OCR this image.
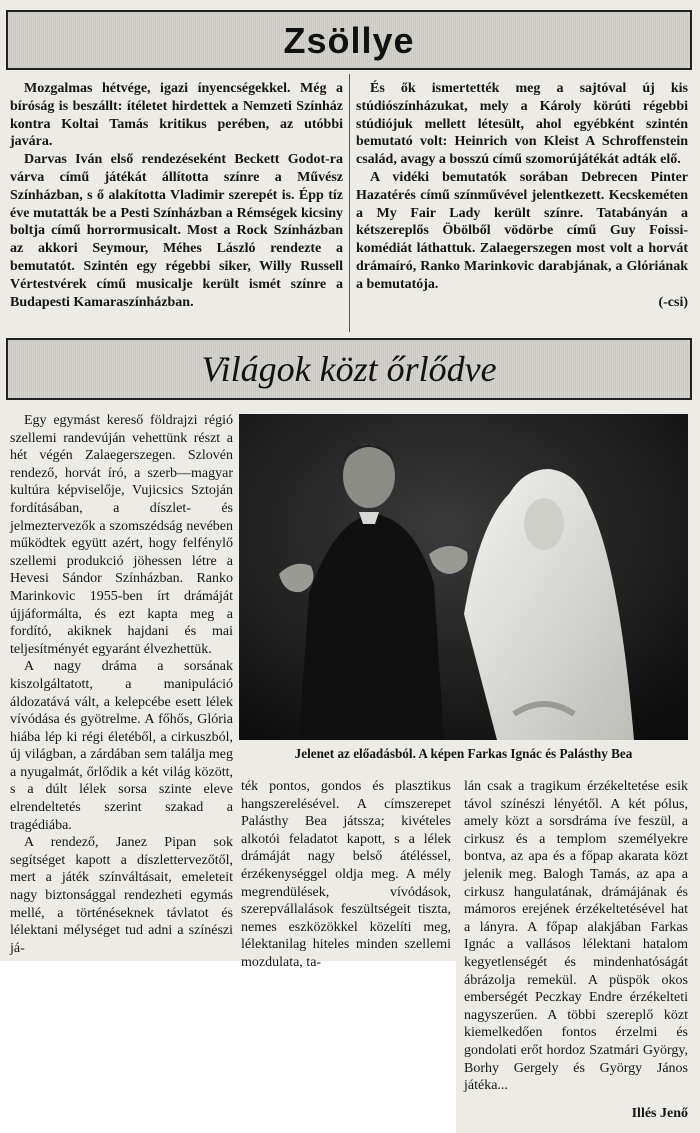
Zsöllye

Mozgalmas hétvége, igazi ínyencségekkel. Még a bíróság is beszállt: ítéletet hirdettek a Nemzeti Színház kontra Koltai Tamás kritikus perében, az utóbbi javára.

Darvas Iván első rendezéseként Beckett Godot-ra várva című játékát állította színre a Művész Színházban, s ő alakította Vladimir szerepét is. Épp tíz éve mutatták be a Pesti Színházban a Rémségek kicsiny boltja című horrormusicalt. Most a Rock Színházban az akkori Seymour, Méhes László rendezte a bemutatót. Szintén egy régebbi siker, Willy Russell Vértestvérek című musicalje került ismét színre a Budapesti Kamaraszínházban.

És ők ismertették meg a sajtóval új kis stúdiószínházukat, mely a Károly körúti régebbi stúdiójuk mellett létesült, ahol egyébként szintén bemutató volt: Heinrich von Kleist A Schroffenstein család, avagy a bosszú című szomorújátékát adták elő.

A vidéki bemutatók sorában Debrecen Pinter Hazatérés című színművével jelentkezett. Kecskeméten a My Fair Lady került színre. Tatabányán a kétszereplős Öbölből vödörbe című Guy Foissi-komédiát láthattuk. Zalaegerszegen most volt a horvát drámaíró, Ranko Marinkovic darabjának, a Glóriának a bemutatója.

(-csi)
Világok közt őrlődve

Egy egymást kereső földrajzi régió szellemi randevúján vehettünk részt a hét végén Zalaegerszegen. Szlovén rendező, horvát író, a szerb—magyar kultúra képviselője, Vujicsics Sztoján fordításában, a díszlet- és jelmeztervezők a szomszédság nevében működtek együtt azért, hogy felfénylő szellemi produkció jöhessen létre a Hevesi Sándor Színházban. Ranko Marinkovic 1955-ben írt drámáját újjáformálta, és ezt kapta meg a fordító, akiknek hajdani és mai teljesítményét egyaránt élvezhettük.

A nagy dráma a sorsának kiszolgáltatott, a manipuláció áldozatává vált, a kelepcébe esett lélek vívódása és gyötrelme. A főhős, Glória hiába lép ki régi életéből, a cirkuszból, új világban, a zárdában sem találja meg a nyugalmát, őrlődik a két világ között, s a dúlt lélek sorsa szinte eleve elrendeltetés szerint szakad a tragédiába.

A rendező, Janez Pipan sok segítséget kapott a díszlettervezőtől, mert a játék színváltásait, emeleteit nagy biztonsággal rendezheti egymás mellé, a történéseknek távlatot és lélektani mélységet tud adni a színészi já-

Jelenet az előadásból. A képen Farkas Ignác és Palásthy Bea

ték pontos, gondos és plasztikus hangszerelésével. A címszerepet Palásthy Bea játssza; kivételes alkotói feladatot kapott, s a lélek drámáját nagy belső átéléssel, érzékenységgel oldja meg. A mély megrendülések, vívódások, szerepvállalások feszültségeit tiszta, nemes eszközökkel közelíti meg, lélektanilag hiteles minden szellemi mozdulata, ta-

lán csak a tragikum érzékeltetése esik távol színészi lényétől. A két pólus, amely közt a sorsdráma íve feszül, a cirkusz és a templom személyekre bontva, az apa és a főpap akarata közt jelenik meg. Balogh Tamás, az apa a cirkusz hangulatának, drámájának és mámoros erejének érzékeltetésével hat a lányra. A főpap alakjában Farkas Ignác a vallásos lélektani hatalom kegyetlenségét és mindenhatóságát ábrázolja remekül. A püspök okos emberségét Peczkay Endre érzékelteti nagyszerűen. A többi szereplő közt kiemelkedően fontos érzelmi és gondolati erőt hordoz Szatmári György, Borhy Gergely és György János játéka...

Illés Jenő
